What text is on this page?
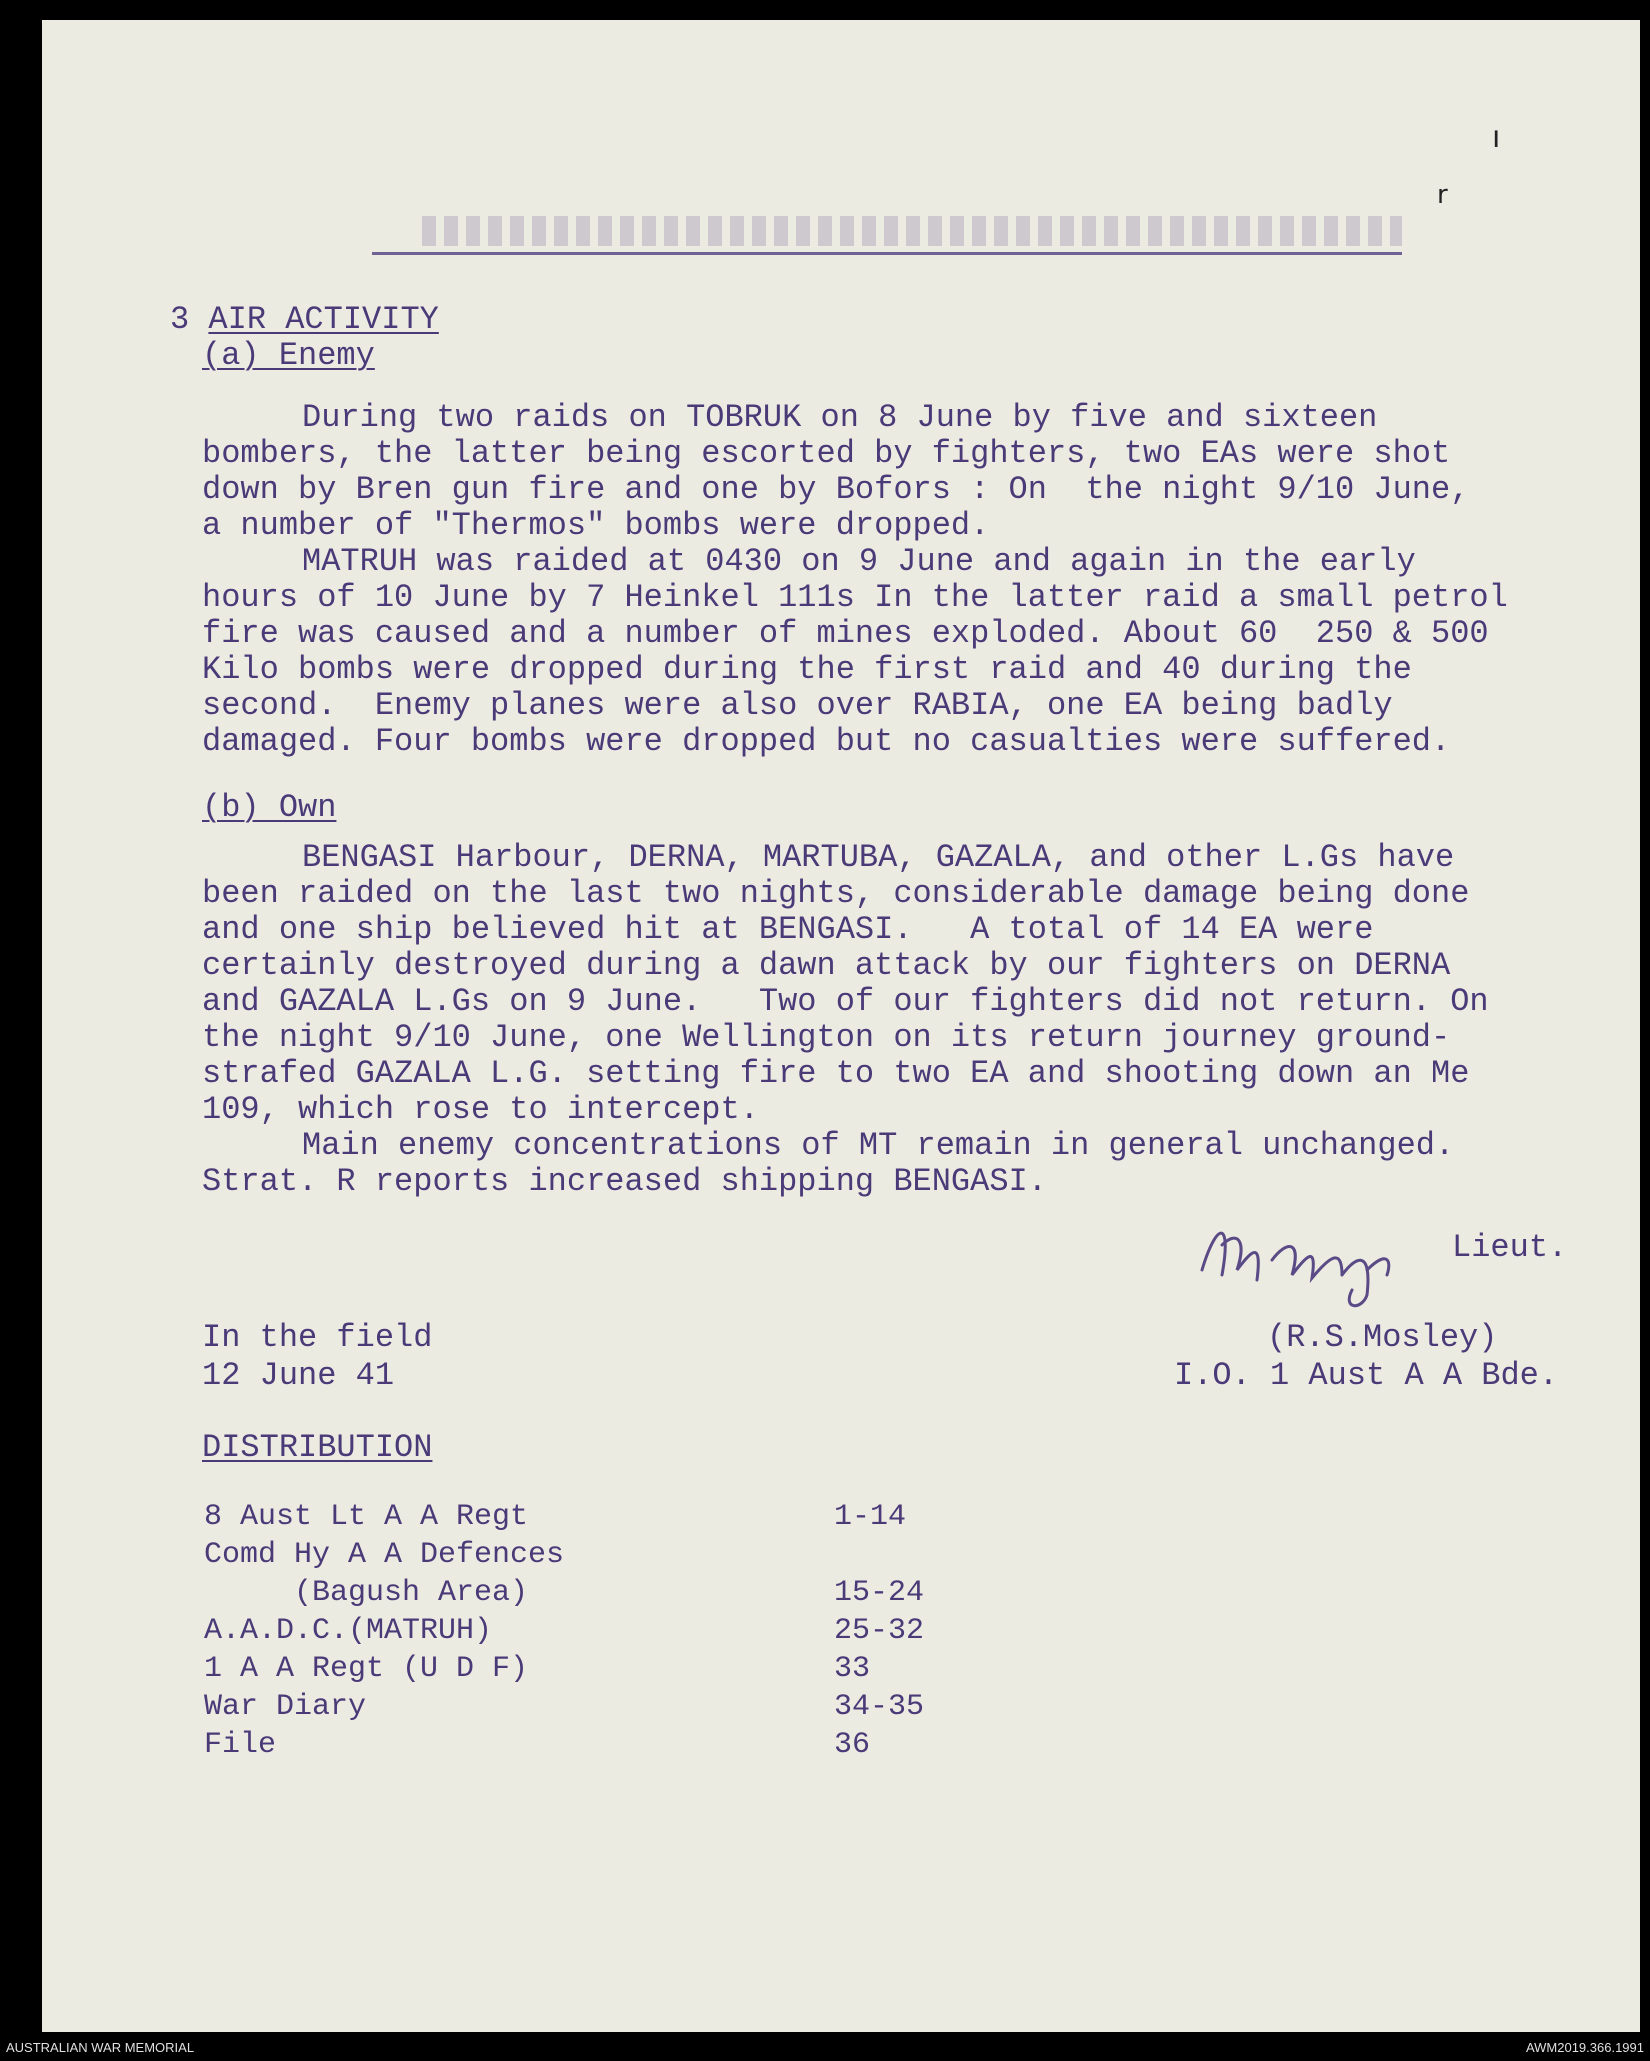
ı
r
3 AIR ACTIVITY
(a) Enemy
During two raids on TOBRUK on 8 June by five and sixteen
bombers, the latter being escorted by fighters, two EAs were shot
down by Bren gun fire and one by Bofors : On  the night 9/10 June,
a number of "Thermos" bombs were dropped.
MATRUH was raided at 0430 on 9 June and again in the early
hours of 10 June by 7 Heinkel 111s In the latter raid a small petrol
fire was caused and a number of mines exploded. About 60  250 & 500
Kilo bombs were dropped during the first raid and 40 during the
second.  Enemy planes were also over RABIA, one EA being badly
damaged. Four bombs were dropped but no casualties were suffered.
(b) Own
BENGASI Harbour, DERNA, MARTUBA, GAZALA, and other L.Gs have
been raided on the last two nights, considerable damage being done
and one ship believed hit at BENGASI.   A total of 14 EA were
certainly destroyed during a dawn attack by our fighters on DERNA
and GAZALA L.Gs on 9 June.   Two of our fighters did not return. On
the night 9/10 June, one Wellington on its return journey ground-
strafed GAZALA L.G. setting fire to two EA and shooting down an Me
109, which rose to intercept.
Main enemy concentrations of MT remain in general unchanged.
Strat. R reports increased shipping BENGASI.
Lieut.
(R.S.Mosley)
I.O. 1 Aust A A Bde.
In the field
12 June 41
DISTRIBUTION
8 Aust Lt A A Regt	1-14
Comd Hy A A Defences
(Bagush Area)	15-24
A.A.D.C.(MATRUH)	25-32
1 A A Regt (U D F)	33
War Diary	34-35
File	36
AUSTRALIAN WAR MEMORIAL	AWM2019.366.1991
